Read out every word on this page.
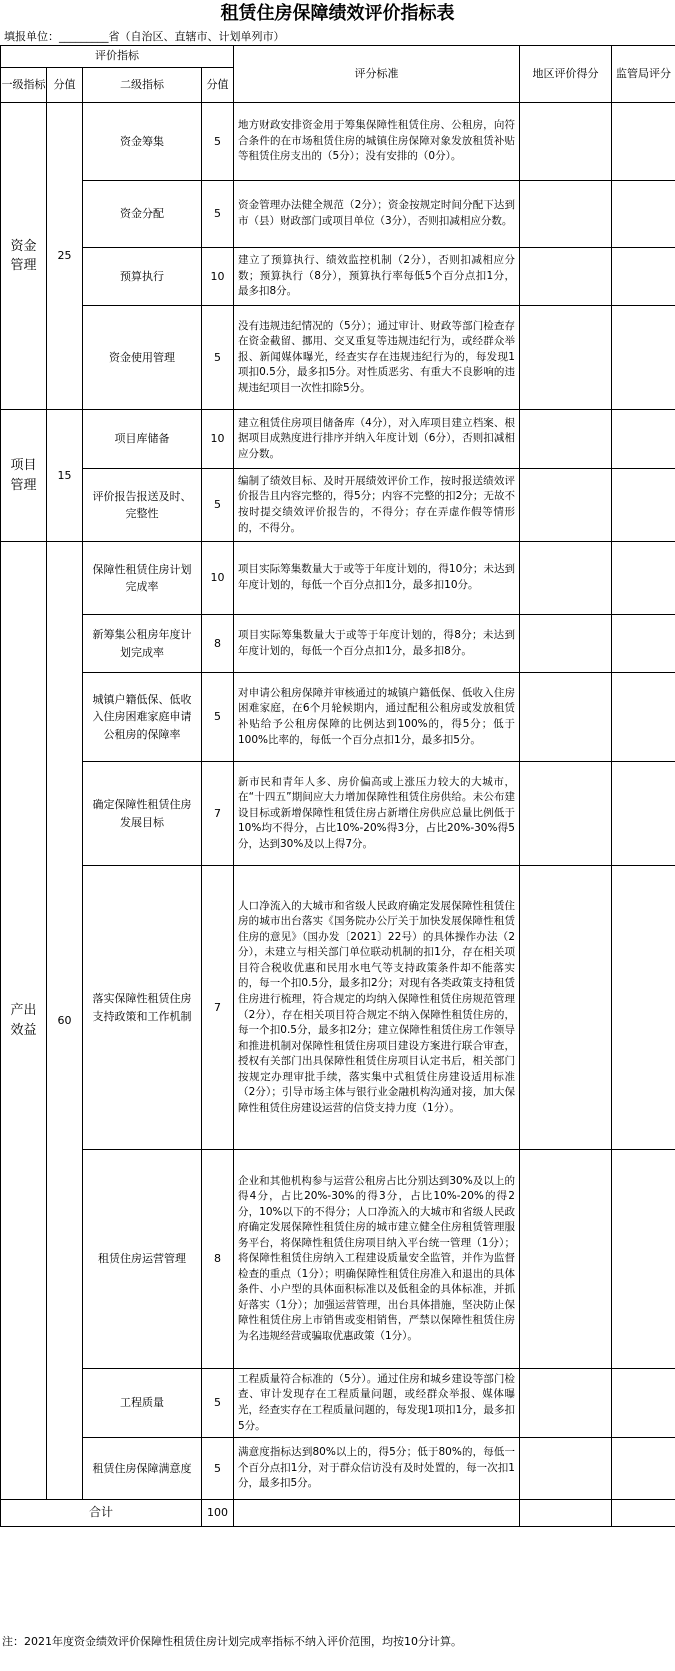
租赁住房保障绩效评价指标表
填报单位：_________省（自治区、直辖市、计划单列市）
评价指标				评分标准	地区评价得分	监管局评分
一级指标	分值	二级指标	分值			
资金管理	25	资金筹集	5	地方财政安排资金用于筹集保障性租赁住房、公租房，向符合条件的在市场租赁住房的城镇住房保障对象发放租赁补贴等租赁住房支出的（5分）；没有安排的（0分）。		
		资金分配	5	资金管理办法健全规范（2分）；资金按规定时间分配下达到市（县）财政部门或项目单位（3分），否则扣减相应分数。		
		预算执行	10	建立了预算执行、绩效监控机制（2分），否则扣减相应分数；预算执行（8分），预算执行率每低5个百分点扣1分，最多扣8分。		
		资金使用管理	5	没有违规违纪情况的（5分）；通过审计、财政等部门检查存在资金截留、挪用、交叉重复等违规违纪行为，或经群众举报、新闻媒体曝光，经查实存在违规违纪行为的，每发现1项扣0.5分，最多扣5分。对性质恶劣、有重大不良影响的违规违纪项目一次性扣除5分。		
项目管理	15	项目库储备	10	建立租赁住房项目储备库（4分），对入库项目建立档案、根据项目成熟度进行排序并纳入年度计划（6分），否则扣减相应分数。		
		评价报告报送及时、完整性	5	编制了绩效目标、及时开展绩效评价工作，按时报送绩效评价报告且内容完整的，得5分；内容不完整的扣2分；无故不按时提交绩效评价报告的，不得分；存在弄虚作假等情形的，不得分。		
产出效益	60	保障性租赁住房计划完成率	10	项目实际筹集数量大于或等于年度计划的，得10分；未达到年度计划的，每低一个百分点扣1分，最多扣10分。		
		新筹集公租房年度计划完成率	8	项目实际筹集数量大于或等于年度计划的，得8分；未达到年度计划的，每低一个百分点扣1分，最多扣8分。		
		城镇户籍低保、低收入住房困难家庭申请公租房的保障率	5	对申请公租房保障并审核通过的城镇户籍低保、低收入住房困难家庭，在6个月轮候期内，通过配租公租房或发放租赁补贴给予公租房保障的比例达到100%的，得5分；低于100%比率的，每低一个百分点扣1分，最多扣5分。		
		确定保障性租赁住房发展目标	7	新市民和青年人多、房价偏高或上涨压力较大的大城市，在“十四五”期间应大力增加保障性租赁住房供给。未公布建设目标或新增保障性租赁住房占新增住房供应总量比例低于10%均不得分，占比10%-20%得3分，占比20%-30%得5分，达到30%及以上得7分。		
		落实保障性租赁住房支持政策和工作机制	7	人口净流入的大城市和省级人民政府确定发展保障性租赁住房的城市出台落实《国务院办公厅关于加快发展保障性租赁住房的意见》（国办发〔2021〕22号）的具体操作办法（2分），未建立与相关部门单位联动机制的扣1分，存在相关项目符合税收优惠和民用水电气等支持政策条件却不能落实的，每一个扣0.5分，最多扣2分；对现有各类政策支持租赁住房进行梳理，符合规定的均纳入保障性租赁住房规范管理（2分），存在相关项目符合规定不纳入保障性租赁住房的，每一个扣0.5分，最多扣2分；建立保障性租赁住房工作领导和推进机制对保障性租赁住房项目建设方案进行联合审查，授权有关部门出具保障性租赁住房项目认定书后，相关部门按规定办理审批手续，落实集中式租赁住房建设适用标准（2分）；引导市场主体与银行业金融机构沟通对接，加大保障性租赁住房建设运营的信贷支持力度（1分）。		
		租赁住房运营管理	8	企业和其他机构参与运营公租房占比分别达到30%及以上的得4分，占比20%-30%的得3分，占比10%-20%的得2分，10%以下的不得分；人口净流入的大城市和省级人民政府确定发展保障性租赁住房的城市建立健全住房租赁管理服务平台，将保障性租赁住房项目纳入平台统一管理（1分）；将保障性租赁住房纳入工程建设质量安全监管，并作为监督检查的重点（1分）；明确保障性租赁住房准入和退出的具体条件、小户型的具体面积标准以及低租金的具体标准，并抓好落实（1分）；加强运营管理，出台具体措施，坚决防止保障性租赁住房上市销售或变相销售，严禁以保障性租赁住房为名违规经营或骗取优惠政策（1分）。		
		工程质量	5	工程质量符合标准的（5分）。通过住房和城乡建设等部门检查、审计发现存在工程质量问题，或经群众举报、媒体曝光，经查实存在工程质量问题的，每发现1项扣1分，最多扣5分。		
		租赁住房保障满意度	5	满意度指标达到80%以上的，得5分；低于80%的，每低一个百分点扣1分，对于群众信访没有及时处置的，每一次扣1分，最多扣5分。		
合计			100			
注：2021年度资金绩效评价保障性租赁住房计划完成率指标不纳入评价范围，均按10分计算。
